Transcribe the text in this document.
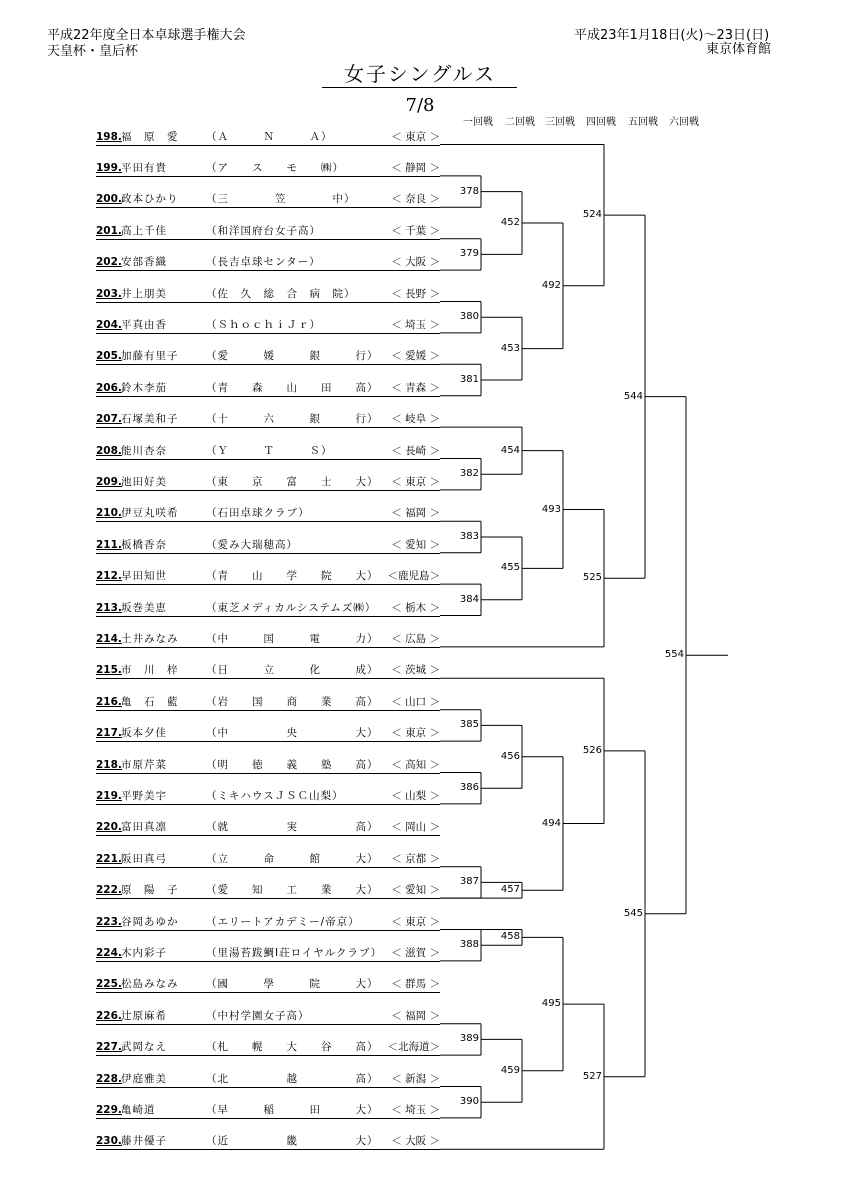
平成22年度全日本卓球選手権大会
天皇杯・皇后杯
平成23年1月18日(火)〜23日(日)
東京体育館
女子シングルス
7/8
一回戦 二回戦 三回戦 四回戦 五回戦 六回戦
198. 福　原　愛	（Ａ　　　Ｎ　　　Ａ）	＜ 東京 ＞
199. 平田有貴	（ア　　ス　　モ　　㈱）	＜ 静岡 ＞
200. 政本ひかり	（三　　　　笠　　　　中）	＜ 奈良 ＞
201. 高上千佳	（和洋国府台女子高）	＜ 千葉 ＞
202. 安部香織	（長吉卓球センター）	＜ 大阪 ＞
203. 井上朋美	（佐　久　総　合　病　院）	＜ 長野 ＞
204. 平真由香	（ＳｈｏｃｈｉＪｒ）	＜ 埼玉 ＞
205. 加藤有里子	（愛　　　媛　　　銀　　　行）	＜ 愛媛 ＞
206. 鈴木李茄	（青　　森　　山　　田　　高）	＜ 青森 ＞
207. 石塚美和子	（十　　　六　　　銀　　　行）	＜ 岐阜 ＞
208. 能川杏奈	（Ｙ　　　Ｔ　　　Ｓ）	＜ 長崎 ＞
209. 池田好美	（東　　京　　富　　士　　大）	＜ 東京 ＞
210. 伊豆丸咲希	（石田卓球クラブ）	＜ 福岡 ＞
211. 板橋香奈	（愛み大瑞穂高）	＜ 愛知 ＞
212. 早田知世	（青　　山　　学　　院　　大） ＜鹿児島＞
213. 坂巻美恵	（東芝メディカルシステムズ㈱）	＜ 栃木 ＞
214. 土井みなみ	（中　　　国　　　電　　　力）	＜ 広島 ＞
215. 市　川　梓	（日　　　立　　　化　　　成）	＜ 茨城 ＞
216. 亀　石　藍	（岩　　国　　商　　業　　高）	＜ 山口 ＞
217. 坂本夕佳	（中　　　　　央　　　　　大）	＜ 東京 ＞
218. 市原芹菜	（明　　徳　　義　　塾　　高）	＜ 高知 ＞
219. 平野美宇	（ミキハウスＪＳＣ山梨）	＜ 山梨 ＞
220. 富田真凛	（就　　　　　実　　　　　高）	＜ 岡山 ＞
221. 阪田真弓	（立　　　命　　　館　　　大）	＜ 京都 ＞
222. 原　陽　子	（愛　　知　　工　　業　　大）	＜ 愛知 ＞
223. 谷岡あゆか	（エリートアカデミー/帝京）	＜ 東京 ＞
224. 木内彩子	（里湯苔跋鯛Ⅰ荘ロイヤルクラブ） ＜ 滋賀 ＞
225. 松島みなみ	（國　　　學　　　院　　　大）	＜ 群馬 ＞
226. 辻原麻希	（中村学園女子高）	＜ 福岡 ＞
227. 武岡なえ	（札　　幌　　大　　谷　　高） ＜北海道＞
228. 伊庭雅美	（北　　　　　越　　　　　高）	＜ 新潟 ＞
229. 亀崎道	（早　　　稲　　　田　　　大）	＜ 埼玉 ＞
230. 藤井優子	（近　　　　　畿　　　　　大）	＜ 大阪 ＞
378
379
380
381
382
383
384
385
386
387
388
389
390
452
453
454
455
456
457
458
459
492
493
494
495
524
525
526
527
544
545
554
